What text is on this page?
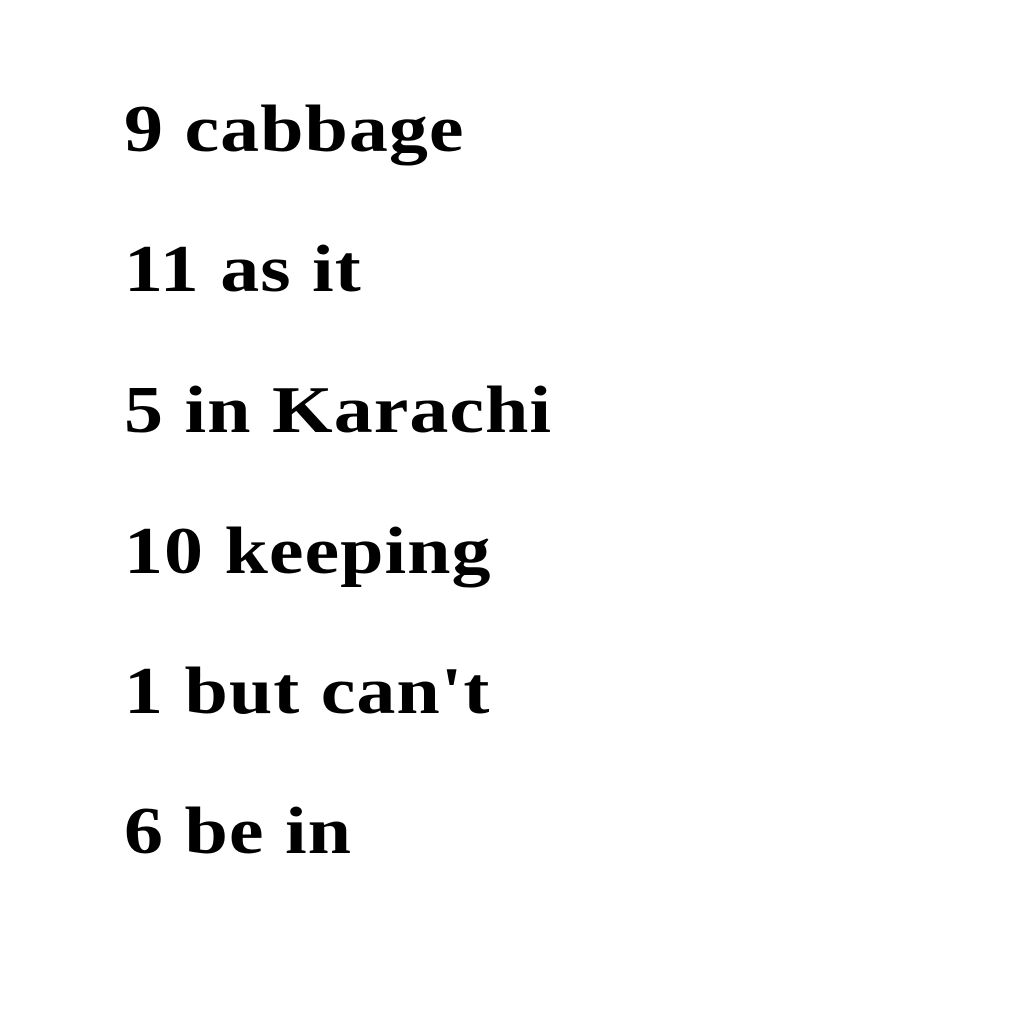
9 cabbage

11 as it

5 in Karachi

10 keeping

1 but can't

6 be in
